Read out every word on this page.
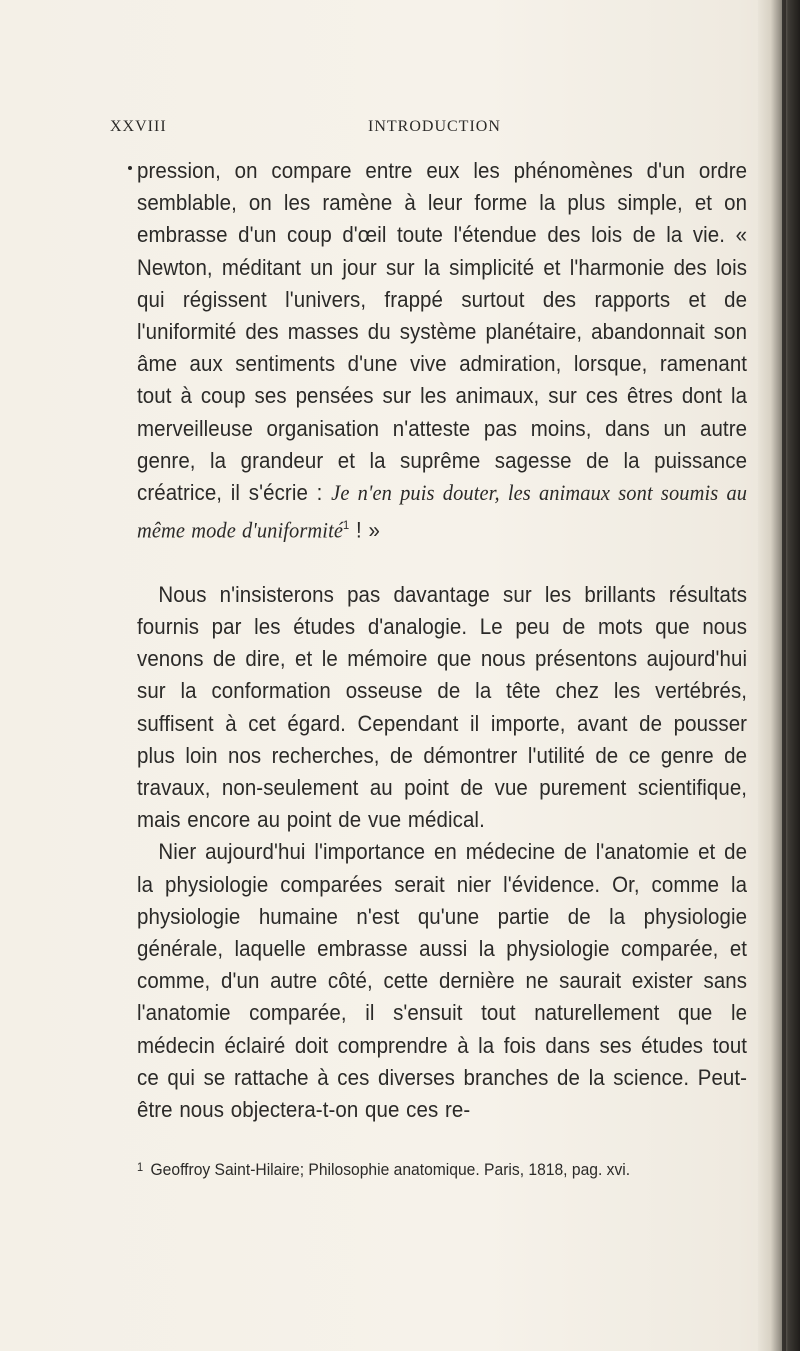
XXVIII	INTRODUCTION

pression, on compare entre eux les phénomènes d'un ordre semblable, on les ramène à leur forme la plus simple, et on embrasse d'un coup d'œil toute l'étendue des lois de la vie. « Newton, méditant un jour sur la simplicité et l'harmonie des lois qui régissent l'univers, frappé surtout des rapports et de l'uniformité des masses du système planétaire, abandonnait son âme aux sentiments d'une vive admiration, lorsque, ramenant tout à coup ses pensées sur les animaux, sur ces êtres dont la merveilleuse organisation n'atteste pas moins, dans un autre genre, la grandeur et la suprême sagesse de la puissance créatrice, il s'écrie : Je n'en puis douter, les animaux sont soumis au même mode d'uniformité$^1$ ! »

Nous n'insisterons pas davantage sur les brillants résultats fournis par les études d'analogie. Le peu de mots que nous venons de dire, et le mémoire que nous présentons aujourd'hui sur la conformation osseuse de la tête chez les vertébrés, suffisent à cet égard. Cependant il importe, avant de pousser plus loin nos recherches, de démontrer l'utilité de ce genre de travaux, non-seulement au point de vue purement scientifique, mais encore au point de vue médical.

Nier aujourd'hui l'importance en médecine de l'anatomie et de la physiologie comparées serait nier l'évidence. Or, comme la physiologie humaine n'est qu'une partie de la physiologie générale, laquelle embrasse aussi la physiologie comparée, et comme, d'un autre côté, cette dernière ne saurait exister sans l'anatomie comparée, il s'ensuit tout naturellement que le médecin éclairé doit comprendre à la fois dans ses études tout ce qui se rattache à ces diverses branches de la science. Peut-être nous objectera-t-on que ces re-

$^1$ Geoffroy Saint-Hilaire; Philosophie anatomique. Paris, 1818, pag. xvi.
